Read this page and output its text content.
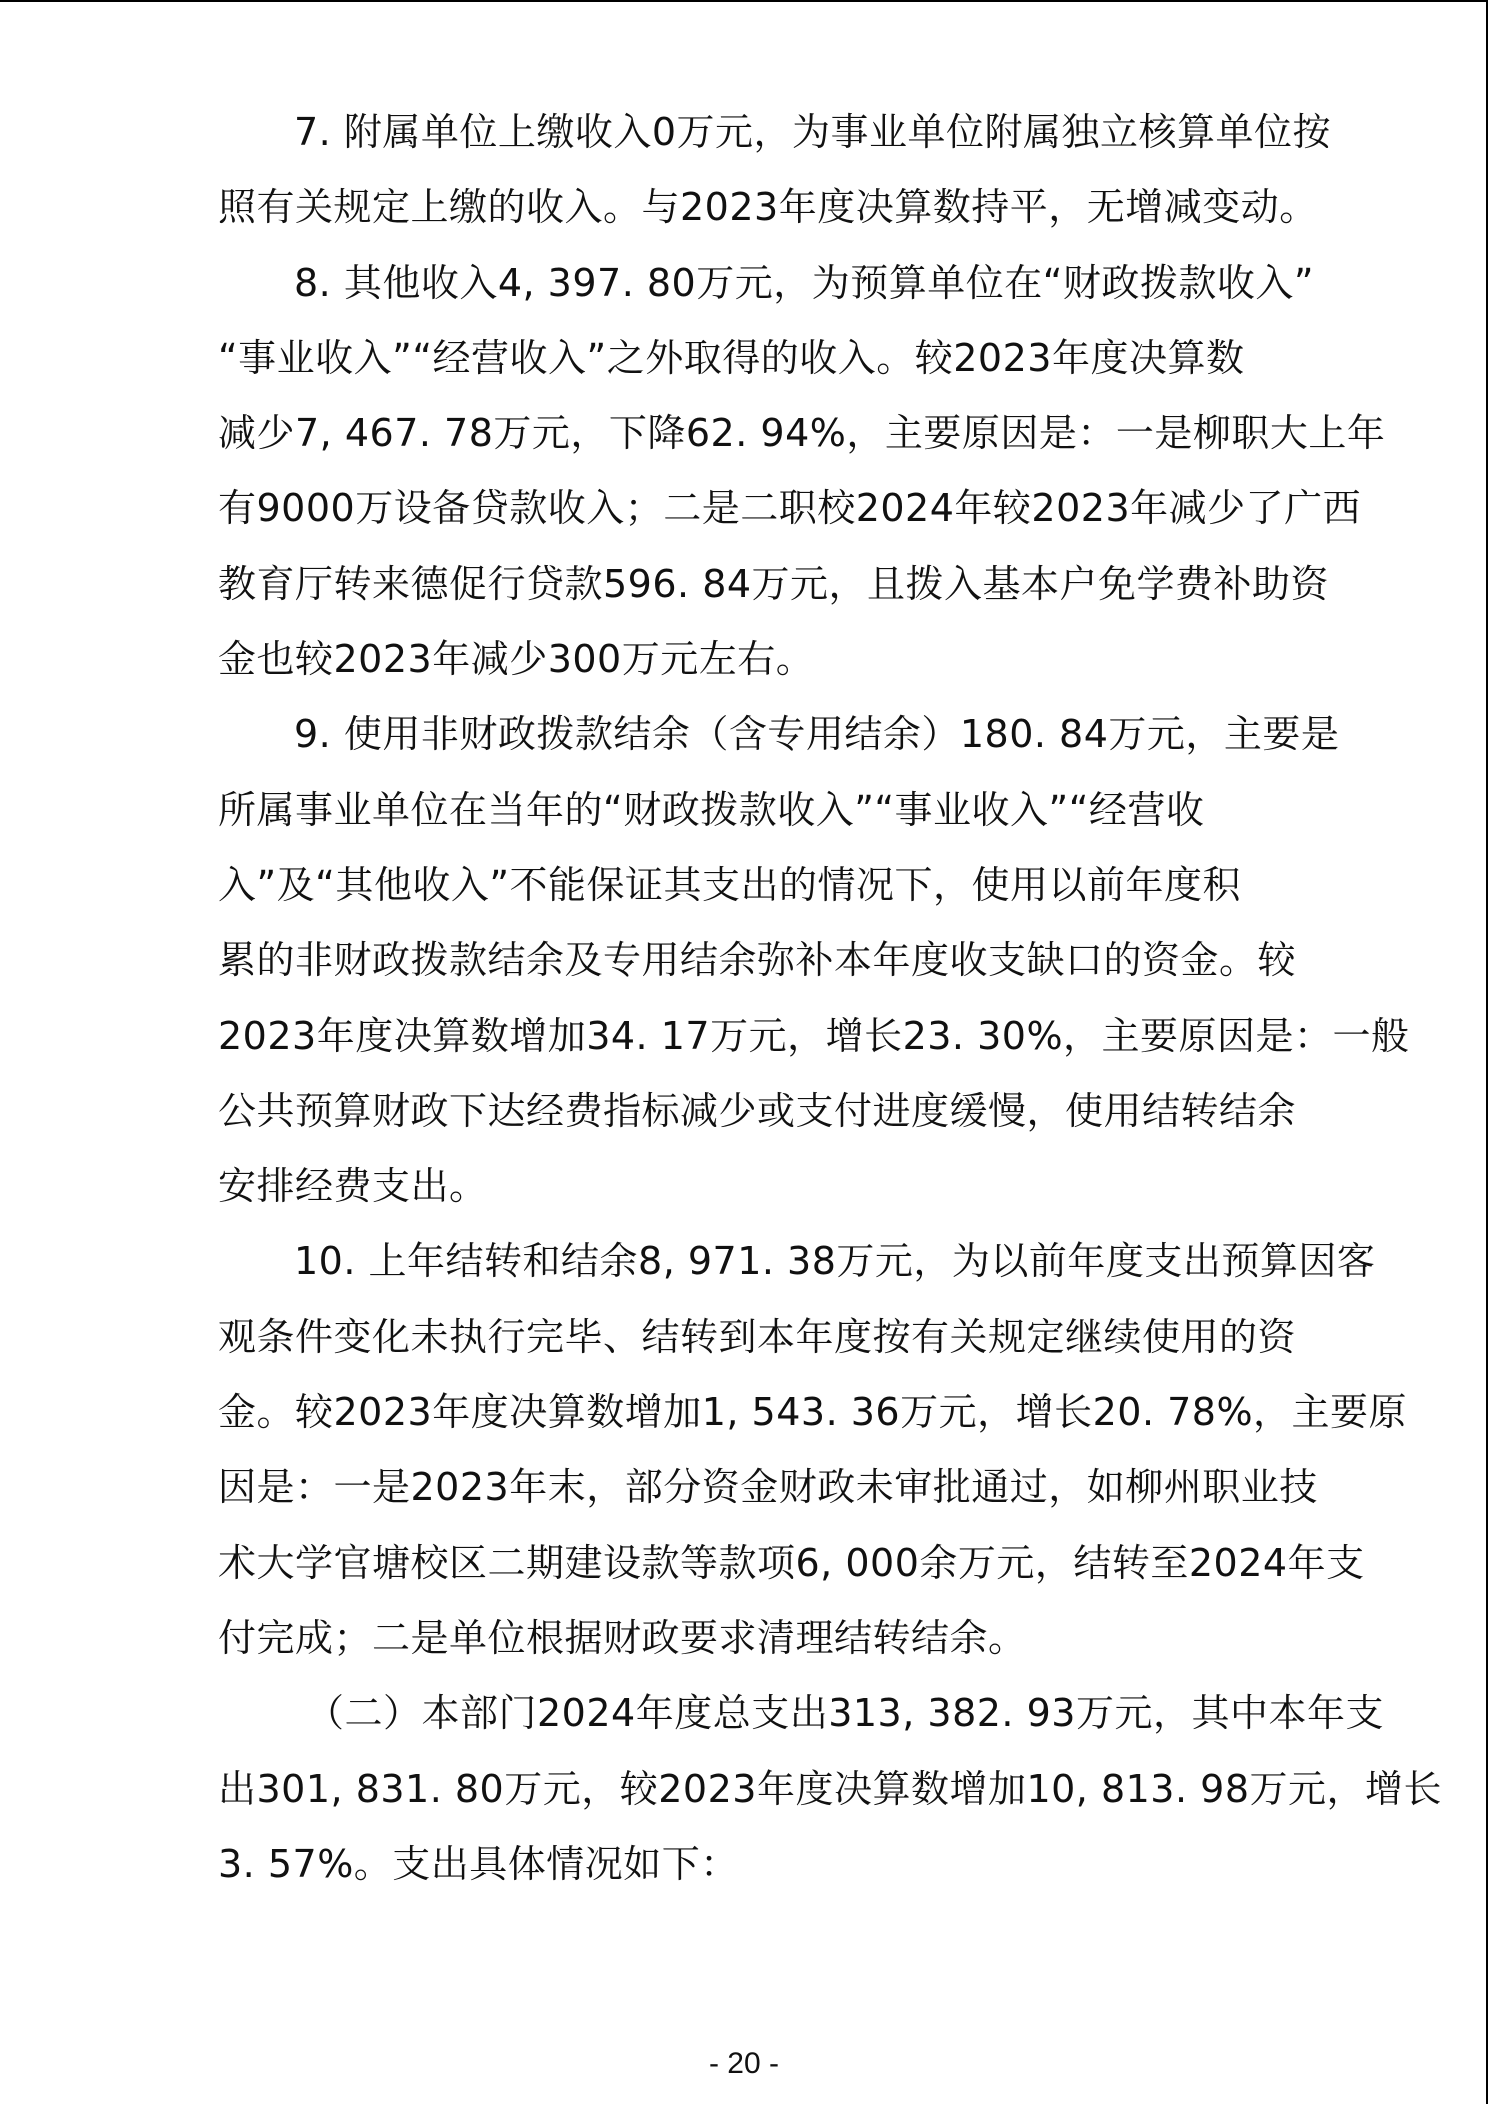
7. 附属单位上缴收入0万元，为事业单位附属独立核算单位按
照有关规定上缴的收入。与2023年度决算数持平，无增减变动。
8. 其他收入4, 397. 80万元，为预算单位在“财政拨款收入”
“事业收入”“经营收入”之外取得的收入。较2023年度决算数
减少7, 467. 78万元，下降62. 94%，主要原因是：一是柳职大上年
有9000万设备贷款收入；二是二职校2024年较2023年减少了广西
教育厅转来德促行贷款596. 84万元，且拨入基本户免学费补助资
金也较2023年减少300万元左右。
9. 使用非财政拨款结余（含专用结余）180. 84万元，主要是
所属事业单位在当年的“财政拨款收入”“事业收入”“经营收
入”及“其他收入”不能保证其支出的情况下，使用以前年度积
累的非财政拨款结余及专用结余弥补本年度收支缺口的资金。较
2023年度决算数增加34. 17万元，增长23. 30%，主要原因是：一般
公共预算财政下达经费指标减少或支付进度缓慢，使用结转结余
安排经费支出。
10. 上年结转和结余8, 971. 38万元，为以前年度支出预算因客
观条件变化未执行完毕、结转到本年度按有关规定继续使用的资
金。较2023年度决算数增加1, 543. 36万元，增长20. 78%，主要原
因是：一是2023年末，部分资金财政未审批通过，如柳州职业技
术大学官塘校区二期建设款等款项6, 000余万元，结转至2024年支
付完成；二是单位根据财政要求清理结转结余。
（二）本部门2024年度总支出313, 382. 93万元，其中本年支
出301, 831. 80万元，较2023年度决算数增加10, 813. 98万元，增长
3. 57%。支出具体情况如下：
- 20 -
